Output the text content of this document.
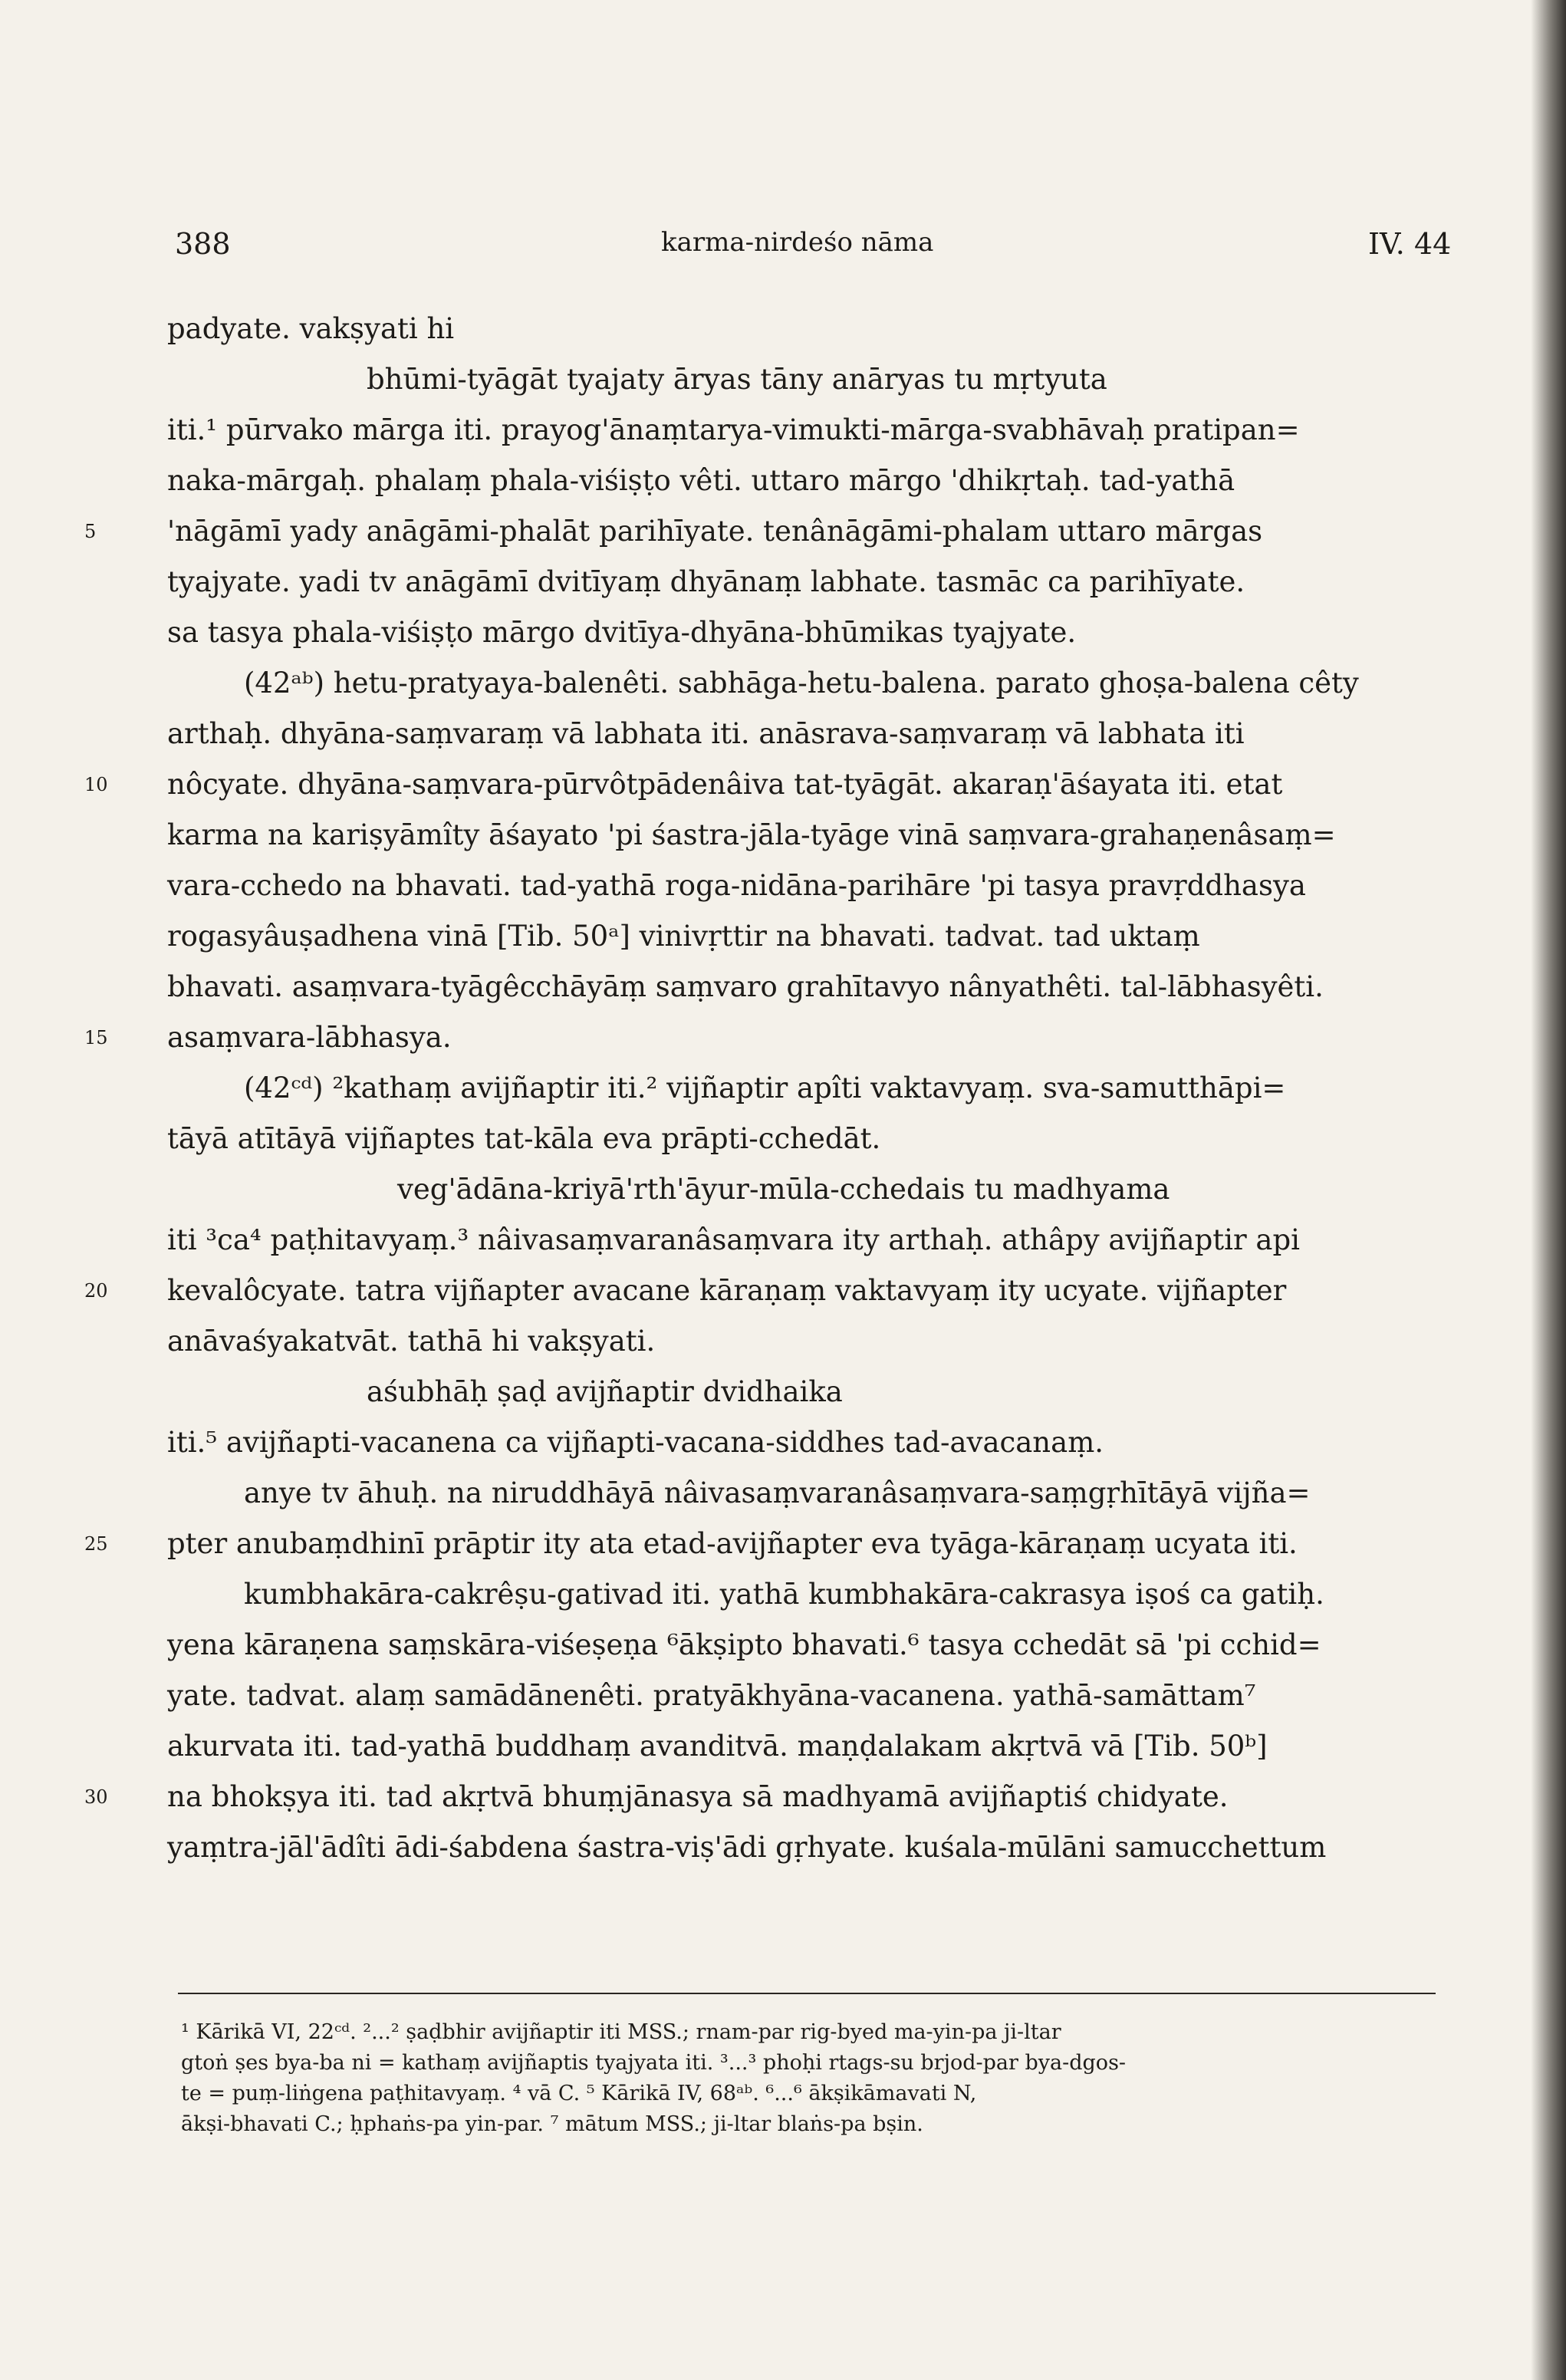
388	karma-nirdeśo nāma	IV. 44
padyate. vakṣyati hi
bhūmi-tyāgāt tyajaty āryas tāny anāryas tu mṛtyuta
iti.¹ pūrvako mārga iti. prayog'ānaṃtarya-vimukti-mārga-svabhāvaḥ pratipan=
naka-mārgaḥ. phalaṃ phala-viśiṣṭo vêti. uttaro mārgo 'dhikṛtaḥ. tad-yathā
'nāgāmī yady anāgāmi-phalāt parihīyate. tenânāgāmi-phalam uttaro mārgas
tyajyate. yadi tv anāgāmī dvitīyaṃ dhyānaṃ labhate. tasmāc ca parihīyate.
sa tasya phala-viśiṣṭo mārgo dvitīya-dhyāna-bhūmikas tyajyate.
(42ᵃᵇ) hetu-pratyaya-balenêti. sabhāga-hetu-balena. parato ghoṣa-balena cêty
arthaḥ. dhyāna-saṃvaraṃ vā labhata iti. anāsrava-saṃvaraṃ vā labhata iti
nôcyate. dhyāna-saṃvara-pūrvôtpādenâiva tat-tyāgāt. akaraṇ'āśayata iti. etat
karma na kariṣyāmîty āśayato 'pi śastra-jāla-tyāge vinā saṃvara-grahaṇenâsaṃ=
vara-cchedo na bhavati. tad-yathā roga-nidāna-parihāre 'pi tasya pravṛddhasya
rogasyâuṣadhena vinā [Tib. 50ᵃ] vinivṛttir na bhavati. tadvat. tad uktaṃ
bhavati. asaṃvara-tyāgêcchāyāṃ saṃvaro grahītavyo nânyathêti. tal-lābhasyêti.
asaṃvara-lābhasya.
(42ᶜᵈ) ²kathaṃ avijñaptir iti.² vijñaptir apîti vaktavyaṃ. sva-samutthāpi=
tāyā atītāyā vijñaptes tat-kāla eva prāpti-cchedāt.
veg'ādāna-kriyā'rth'āyur-mūla-cchedais tu madhyama
iti ³ca⁴ paṭhitavyaṃ.³ nâivasaṃvaranâsaṃvara ity arthaḥ. athâpy avijñaptir api
kevalôcyate. tatra vijñapter avacane kāraṇaṃ vaktavyaṃ ity ucyate. vijñapter
anāvaśyakatvāt. tathā hi vakṣyati.
aśubhāḥ ṣaḍ avijñaptir dvidhaika
iti.⁵ avijñapti-vacanena ca vijñapti-vacana-siddhes tad-avacanaṃ.
anye tv āhuḥ. na niruddhāyā nâivasaṃvaranâsaṃvara-saṃgṛhītāyā vijña=
pter anubaṃdhinī prāptir ity ata etad-avijñapter eva tyāga-kāraṇaṃ ucyata iti.
kumbhakāra-cakrêṣu-gativad iti. yathā kumbhakāra-cakrasya iṣoś ca gatiḥ.
yena kāraṇena saṃskāra-viśeṣeṇa ⁶ākṣipto bhavati.⁶ tasya cchedāt sā 'pi cchid=
yate. tadvat. alaṃ samādānenêti. pratyākhyāna-vacanena. yathā-samāttam⁷
akurvata iti. tad-yathā buddhaṃ avanditvā. maṇḍalakam akṛtvā vā [Tib. 50ᵇ]
na bhokṣya iti. tad akṛtvā bhuṃjānasya sā madhyamā avijñaptiś chidyate.
yaṃtra-jāl'ādîti ādi-śabdena śastra-viṣ'ādi gṛhyate. kuśala-mūlāni samucchettum
5
10
15
20
25
30
¹ Kārikā VI, 22ᶜᵈ. ²...² ṣaḍbhir avijñaptir iti MSS.; rnam-par rig-byed ma-yin-pa ji-ltar
gtoṅ ṣes bya-ba ni = kathaṃ avijñaptis tyajyata iti. ³...³ phoḥi rtags-su brjod-par bya-dgos-
te = puṃ-liṅgena paṭhitavyaṃ. ⁴ vā C. ⁵ Kārikā IV, 68ᵃᵇ. ⁶...⁶ ākṣikāmavati N,
ākṣi-bhavati C.; ḥphaṅs-pa yin-par. ⁷ mātum MSS.; ji-ltar blaṅs-pa bṣin.
